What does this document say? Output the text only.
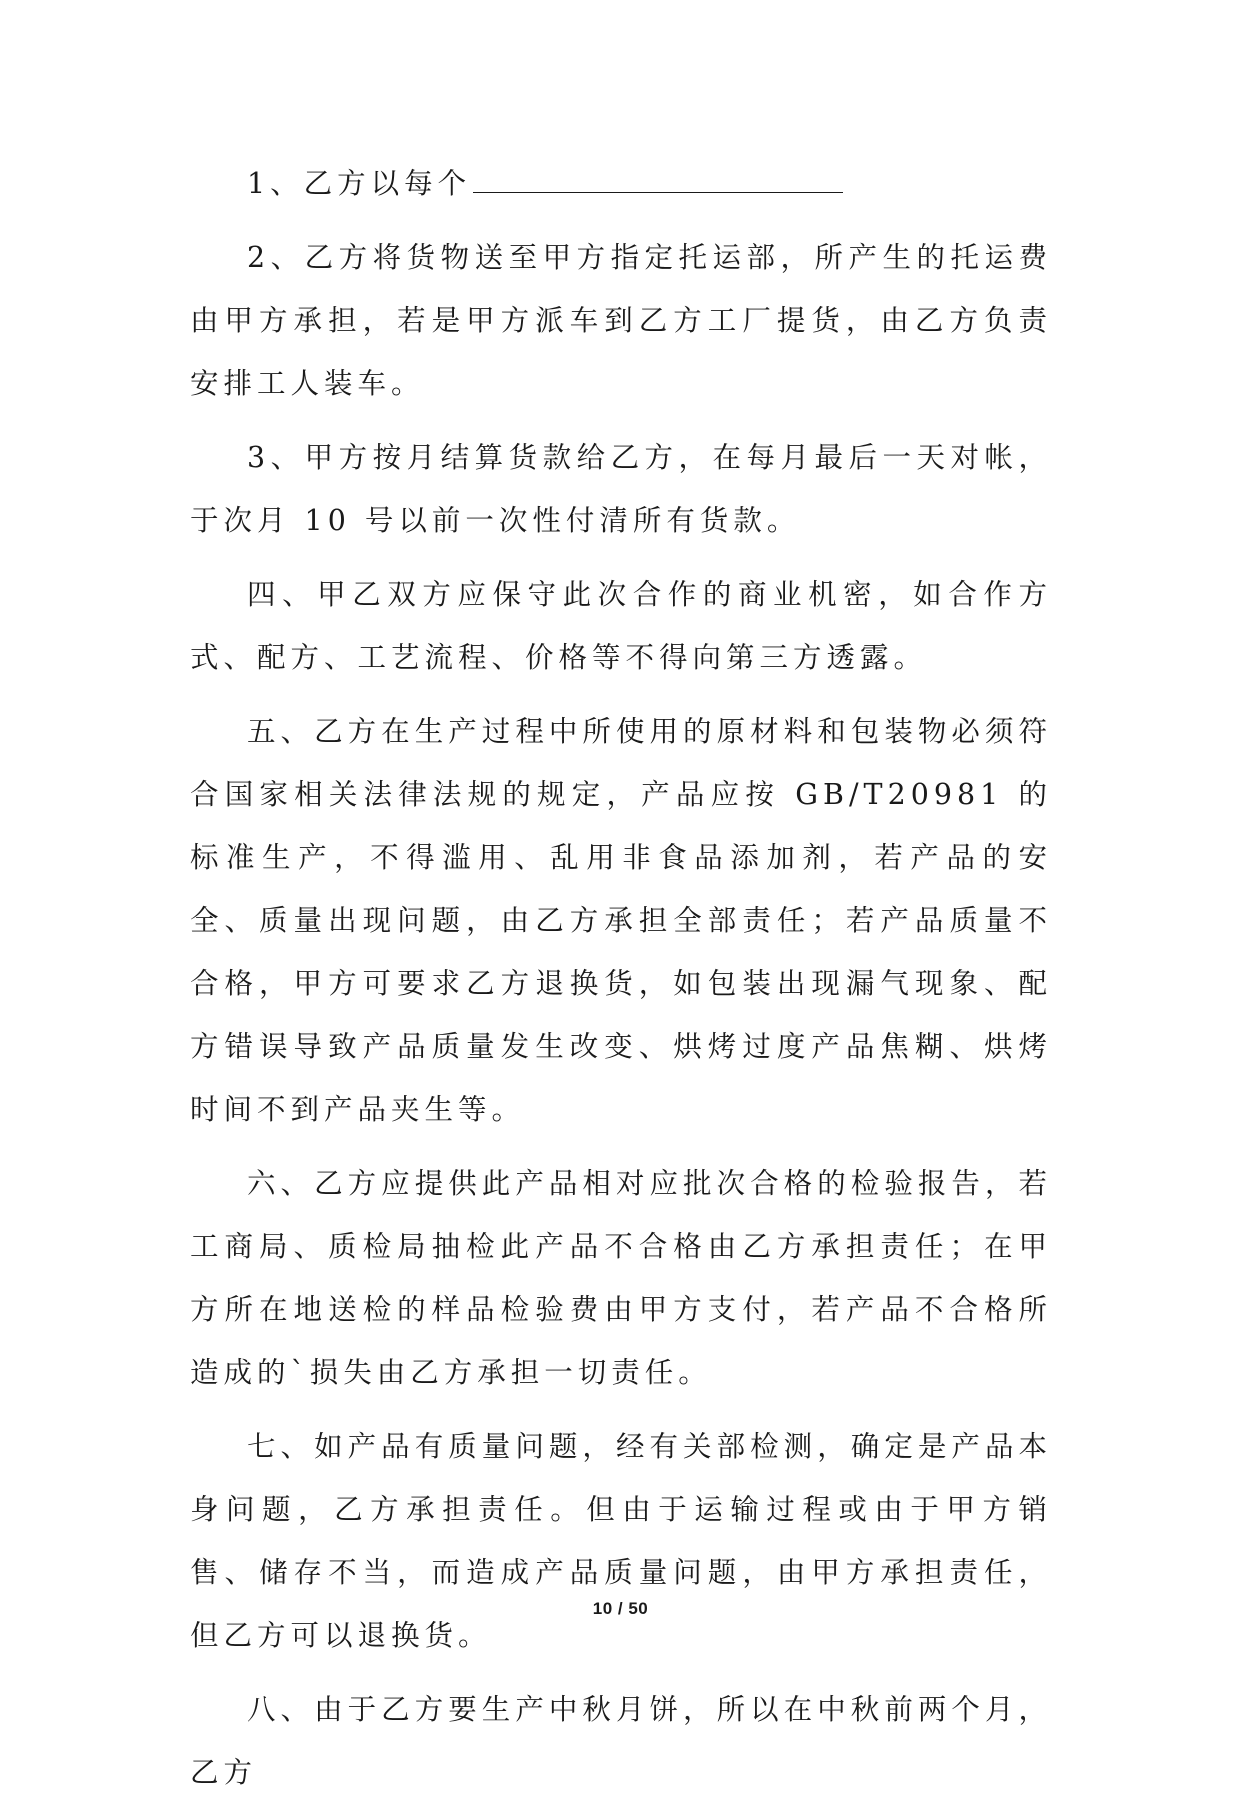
1、乙方以每个

2、乙方将货物送至甲方指定托运部，所产生的托运费由甲方承担，若是甲方派车到乙方工厂提货，由乙方负责安排工人装车。

3、甲方按月结算货款给乙方，在每月最后一天对帐，于次月 10 号以前一次性付清所有货款。

四、甲乙双方应保守此次合作的商业机密，如合作方式、配方、工艺流程、价格等不得向第三方透露。

五、乙方在生产过程中所使用的原材料和包装物必须符合国家相关法律法规的规定，产品应按 GB/T20981 的标准生产，不得滥用、乱用非食品添加剂，若产品的安全、质量出现问题，由乙方承担全部责任；若产品质量不合格，甲方可要求乙方退换货，如包装出现漏气现象、配方错误导致产品质量发生改变、烘烤过度产品焦糊、烘烤时间不到产品夹生等。

六、乙方应提供此产品相对应批次合格的检验报告，若工商局、质检局抽检此产品不合格由乙方承担责任；在甲方所在地送检的样品检验费由甲方支付，若产品不合格所造成的`损失由乙方承担一切责任。

七、如产品有质量问题，经有关部检测，确定是产品本身问题，乙方承担责任。但由于运输过程或由于甲方销售、储存不当，而造成产品质量问题，由甲方承担责任，但乙方可以退换货。

八、由于乙方要生产中秋月饼，所以在中秋前两个月，乙方

10 / 50
